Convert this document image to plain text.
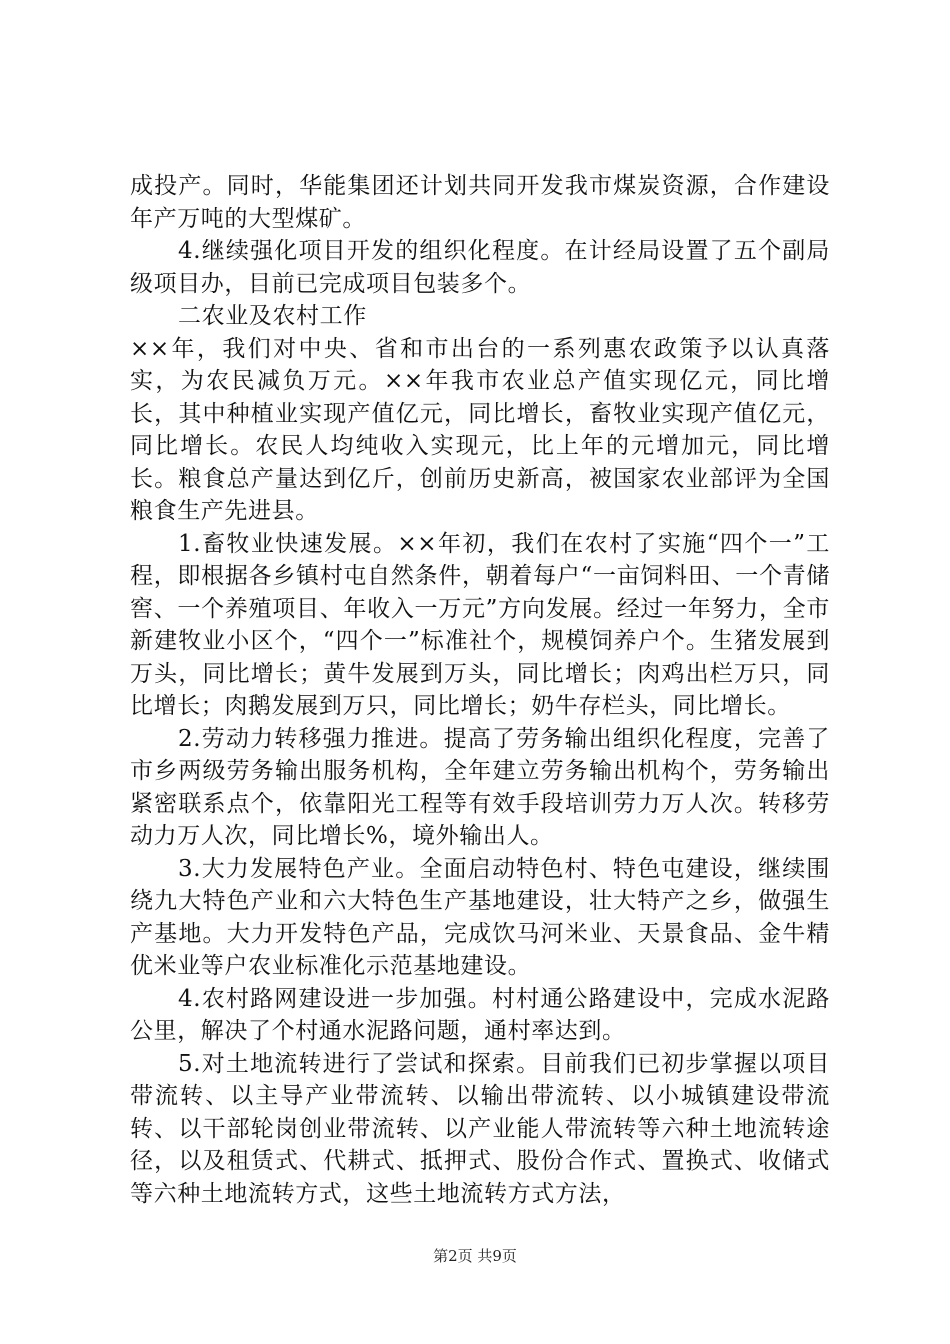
成投产。同时，华能集团还计划共同开发我市煤炭资源，合作建设年产万吨的大型煤矿。

4.继续强化项目开发的组织化程度。在计经局设置了五个副局级项目办，目前已完成项目包装多个。

二农业及农村工作

××年，我们对中央、省和市出台的一系列惠农政策予以认真落实，为农民减负万元。××年我市农业总产值实现亿元，同比增长，其中种植业实现产值亿元，同比增长，畜牧业实现产值亿元，同比增长。农民人均纯收入实现元，比上年的元增加元，同比增长。粮食总产量达到亿斤，创前历史新高，被国家农业部评为全国粮食生产先进县。

1.畜牧业快速发展。××年初，我们在农村了实施“四个一”工程，即根据各乡镇村屯自然条件，朝着每户“一亩饲料田、一个青储窖、一个养殖项目、年收入一万元”方向发展。经过一年努力，全市新建牧业小区个，“四个一”标准社个，规模饲养户个。生猪发展到万头，同比增长；黄牛发展到万头，同比增长；肉鸡出栏万只，同比增长；肉鹅发展到万只，同比增长；奶牛存栏头，同比增长。

2.劳动力转移强力推进。提高了劳务输出组织化程度，完善了市乡两级劳务输出服务机构，全年建立劳务输出机构个，劳务输出紧密联系点个，依靠阳光工程等有效手段培训劳力万人次。转移劳动力万人次，同比增长%，境外输出人。

3.大力发展特色产业。全面启动特色村、特色屯建设，继续围绕九大特色产业和六大特色生产基地建设，壮大特产之乡，做强生产基地。大力开发特色产品，完成饮马河米业、天景食品、金牛精优米业等户农业标准化示范基地建设。

4.农村路网建设进一步加强。村村通公路建设中，完成水泥路公里，解决了个村通水泥路问题，通村率达到。

5.对土地流转进行了尝试和探索。目前我们已初步掌握以项目带流转、以主导产业带流转、以输出带流转、以小城镇建设带流转、以干部轮岗创业带流转、以产业能人带流转等六种土地流转途径，以及租赁式、代耕式、抵押式、股份合作式、置换式、收储式等六种土地流转方式，这些土地流转方式方法，

第2页 共9页
